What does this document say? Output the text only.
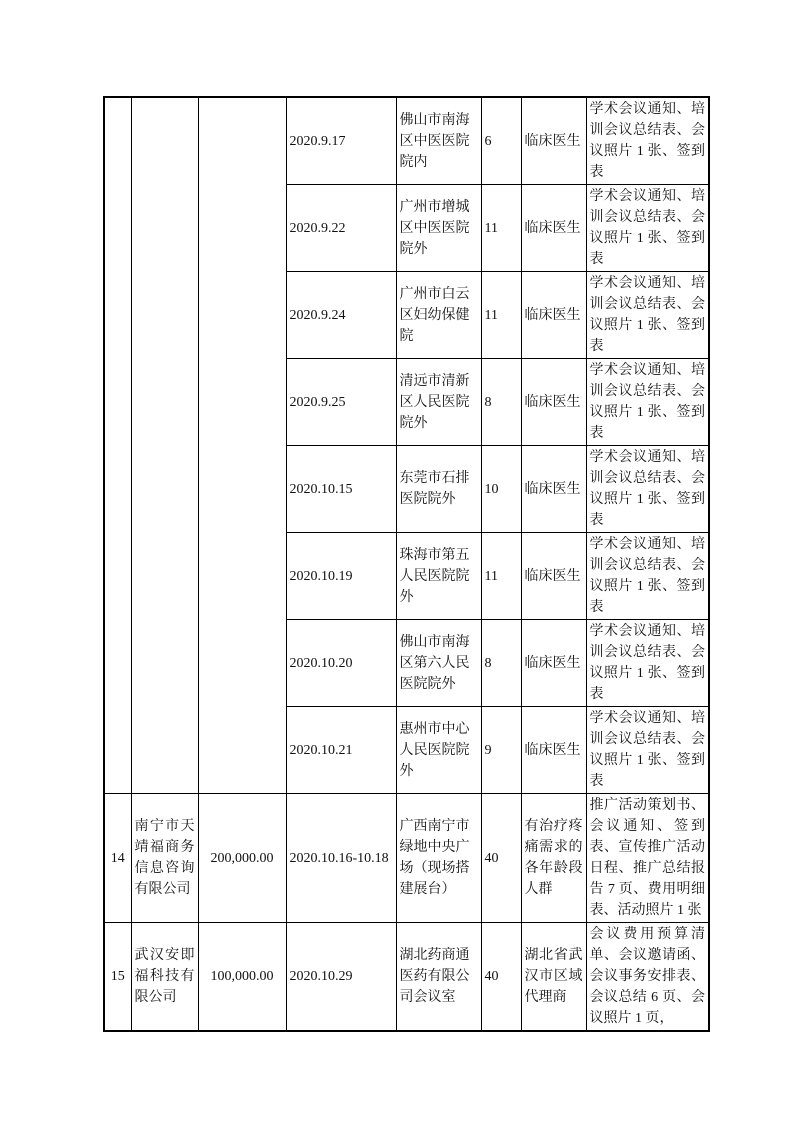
			2020.9.17	佛山市南海区中医医院院内	6	临床医生	学术会议通知、培训会议总结表、会议照片 1 张、签到表
			2020.9.22	广州市增城区中医医院院外	11	临床医生	学术会议通知、培训会议总结表、会议照片 1 张、签到表
			2020.9.24	广州市白云区妇幼保健院	11	临床医生	学术会议通知、培训会议总结表、会议照片 1 张、签到表
			2020.9.25	清远市清新区人民医院院外	8	临床医生	学术会议通知、培训会议总结表、会议照片 1 张、签到表
			2020.10.15	东莞市石排医院院外	10	临床医生	学术会议通知、培训会议总结表、会议照片 1 张、签到表
			2020.10.19	珠海市第五人民医院院外	11	临床医生	学术会议通知、培训会议总结表、会议照片 1 张、签到表
			2020.10.20	佛山市南海区第六人民医院院外	8	临床医生	学术会议通知、培训会议总结表、会议照片 1 张、签到表
			2020.10.21	惠州市中心人民医院院外	9	临床医生	学术会议通知、培训会议总结表、会议照片 1 张、签到表
14	南宁市天靖福商务信息咨询有限公司	200,000.00	2020.10.16-10.18	广西南宁市绿地中央广场（现场搭建展台）	40	有治疗疼痛需求的各年龄段人群	推广活动策划书、会议通知、签到表、宣传推广活动日程、推广总结报告 7 页、费用明细表、活动照片 1 张
15	武汉安即福科技有限公司	100,000.00	2020.10.29	湖北药商通医药有限公司会议室	40	湖北省武汉市区域代理商	会议费用预算清单、会议邀请函、会议事务安排表、会议总结 6 页、会议照片 1 页，
